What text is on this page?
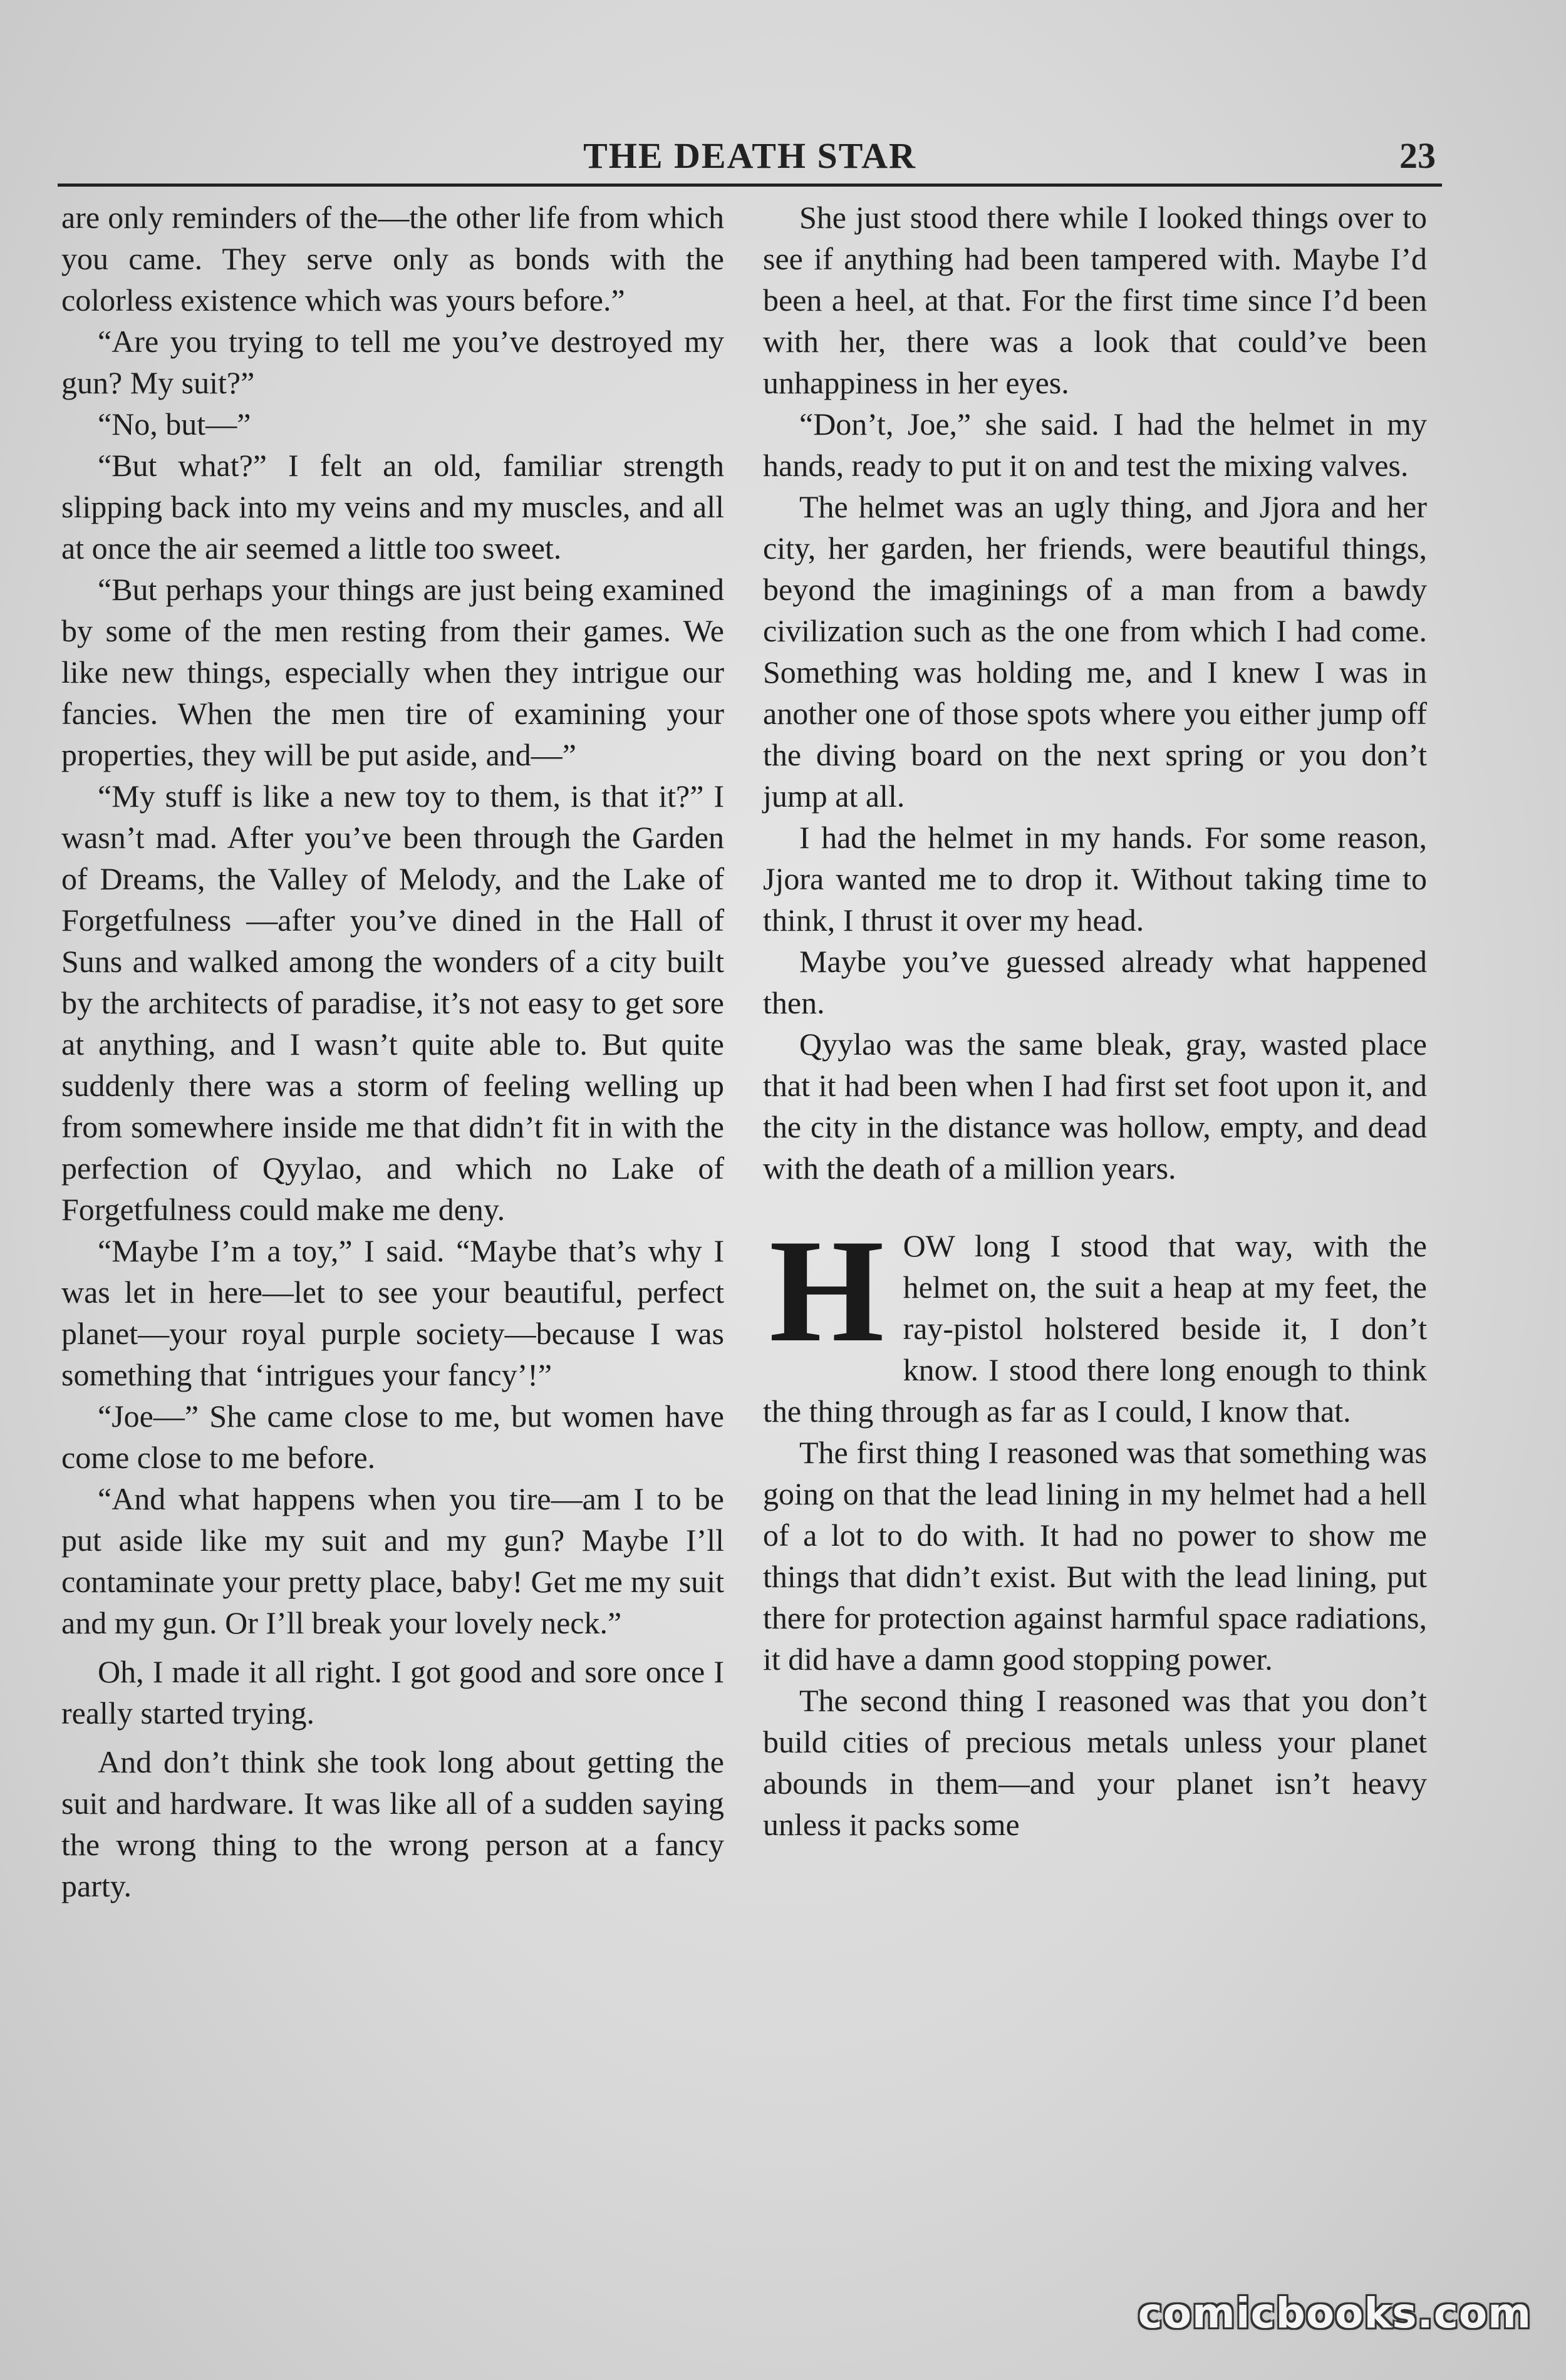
THE DEATH STAR	23

are only reminders of the—the other life from which you came. They serve only as bonds with the colorless existence which was yours before.”

“Are you trying to tell me you’ve destroyed my gun? My suit?”

“No, but—”

“But what?” I felt an old, familiar strength slipping back into my veins and my muscles, and all at once the air seemed a little too sweet.

“But perhaps your things are just being examined by some of the men resting from their games. We like new things, especially when they intrigue our fancies. When the men tire of examining your properties, they will be put aside, and—”

“My stuff is like a new toy to them, is that it?” I wasn’t mad. After you’ve been through the Garden of Dreams, the Valley of Melody, and the Lake of Forgetfulness —after you’ve dined in the Hall of Suns and walked among the wonders of a city built by the architects of paradise, it’s not easy to get sore at anything, and I wasn’t quite able to. But quite suddenly there was a storm of feeling welling up from somewhere inside me that didn’t fit in with the perfection of Qyylao, and which no Lake of Forgetfulness could make me deny.

“Maybe I’m a toy,” I said. “Maybe that’s why I was let in here—let to see your beautiful, perfect planet—your royal purple society—because I was something that ‘intrigues your fancy’!”

“Joe—” She came close to me, but women have come close to me before.

“And what happens when you tire—am I to be put aside like my suit and my gun? Maybe I’ll contaminate your pretty place, baby! Get me my suit and my gun. Or I’ll break your lovely neck.”

Oh, I made it all right. I got good and sore once I really started trying.

And don’t think she took long about getting the suit and hardware. It was like all of a sudden saying the wrong thing to the wrong person at a fancy party.

She just stood there while I looked things over to see if anything had been tampered with. Maybe I’d been a heel, at that. For the first time since I’d been with her, there was a look that could’ve been unhappiness in her eyes.

“Don’t, Joe,” she said. I had the helmet in my hands, ready to put it on and test the mixing valves.

The helmet was an ugly thing, and Jjora and her city, her garden, her friends, were beautiful things, beyond the imaginings of a man from a bawdy civilization such as the one from which I had come. Something was holding me, and I knew I was in another one of those spots where you either jump off the diving board on the next spring or you don’t jump at all.

I had the helmet in my hands. For some reason, Jjora wanted me to drop it. Without taking time to think, I thrust it over my head.

Maybe you’ve guessed already what happened then.

Qyylao was the same bleak, gray, wasted place that it had been when I had first set foot upon it, and the city in the distance was hollow, empty, and dead with the death of a million years.

HOW long I stood that way, with the helmet on, the suit a heap at my feet, the ray-pistol holstered beside it, I don’t know. I stood there long enough to think the thing through as far as I could, I know that.

The first thing I reasoned was that something was going on that the lead lining in my helmet had a hell of a lot to do with. It had no power to show me things that didn’t exist. But with the lead lining, put there for protection against harmful space radiations, it did have a damn good stopping power.

The second thing I reasoned was that you don’t build cities of precious metals unless your planet abounds in them—and your planet isn’t heavy unless it packs some

comicbooks.com
